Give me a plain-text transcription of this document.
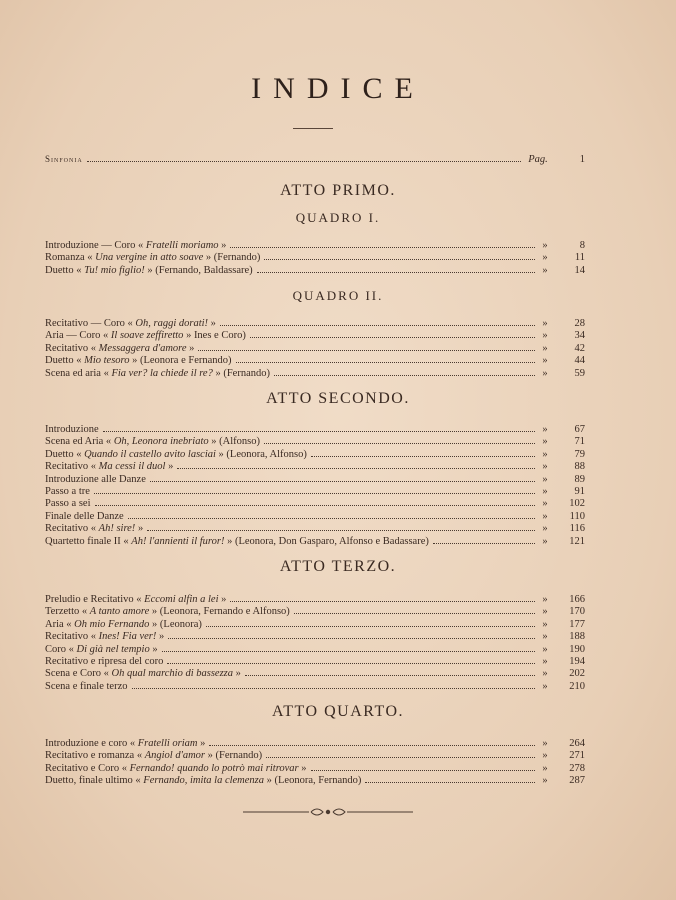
INDICE
Sinfonia	Pag.	1
ATTO PRIMO.
QUADRO I.
Introduzione — Coro « Fratelli moriamo »	»	8
Romanza « Una vergine in atto soave » (Fernando)	»	11
Duetto « Tu! mio figlio! » (Fernando, Baldassare)	»	14
QUADRO II.
Recitativo — Coro « Oh, raggi dorati! »	»	28
Aria — Coro « Il soave zeffiretto » Ines e Coro)	»	34
Recitativo « Messaggera d'amore »	»	42
Duetto « Mio tesoro » (Leonora e Fernando)	»	44
Scena ed aria « Fia ver? la chiede il re? » (Fernando)	»	59
ATTO SECONDO.
Introduzione	»	67
Scena ed Aria « Oh, Leonora inebriato » (Alfonso)	»	71
Duetto « Quando il castello avito lasciai » (Leonora, Alfonso)	»	79
Recitativo « Ma cessi il duol »	»	88
Introduzione alle Danze	»	89
Passo a tre	»	91
Passo a sei	»	102
Finale delle Danze	»	110
Recitativo « Ah! sire! »	»	116
Quartetto finale II « Ah! l'annienti il furor! » (Leonora, Don Gasparo, Alfonso e Badassare)	»	121
ATTO TERZO.
Preludio e Recitativo « Eccomi alfin a lei »	»	166
Terzetto « A tanto amore » (Leonora, Fernando e Alfonso)	»	170
Aria « Oh mio Fernando » (Leonora)	»	177
Recitativo « Ines! Fia ver! »	»	188
Coro « Di già nel tempio »	»	190
Recitativo e ripresa del coro	»	194
Scena e Coro « Oh qual marchio di bassezza »	»	202
Scena e finale terzo	»	210
ATTO QUARTO.
Introduzione e coro « Fratelli oriam »	»	264
Recitativo e romanza « Angiol d'amor » (Fernando)	»	271
Recitativo e Coro « Fernando! quando lo potrò mai ritrovar »	»	278
Duetto, finale ultimo « Fernando, imita la clemenza » (Leonora, Fernando)	»	287
